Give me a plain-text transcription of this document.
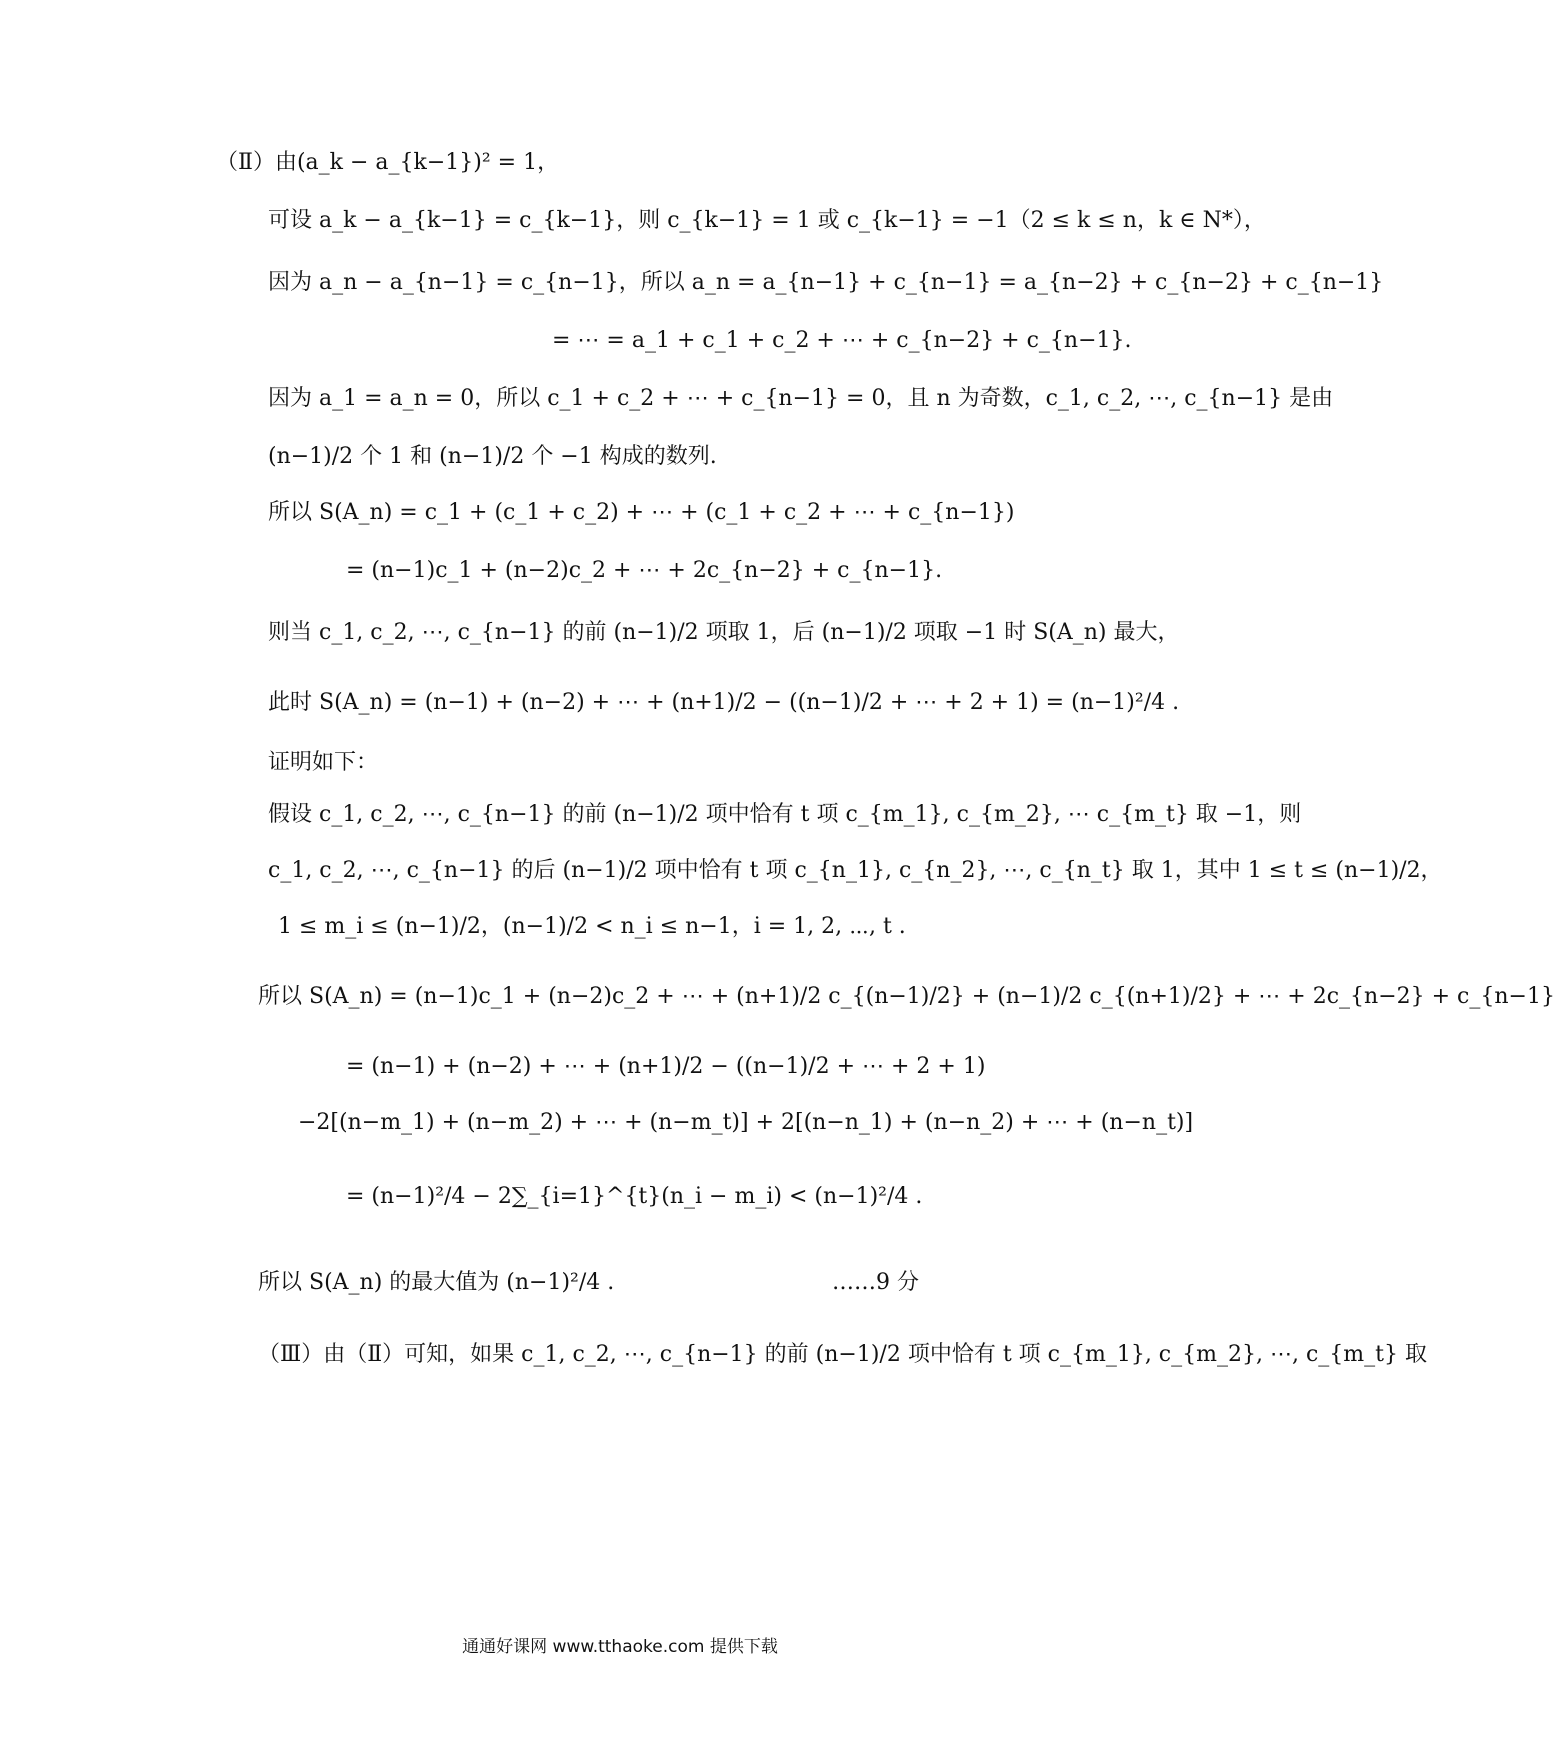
（Ⅱ）由(a_k − a_{k−1})² = 1，
可设 a_k − a_{k−1} = c_{k−1}，则 c_{k−1} = 1 或 c_{k−1} = −1（2 ≤ k ≤ n，k ∈ N*），
因为 a_n − a_{n−1} = c_{n−1}，所以 a_n = a_{n−1} + c_{n−1} = a_{n−2} + c_{n−2} + c_{n−1}
= ⋯ = a_1 + c_1 + c_2 + ⋯ + c_{n−2} + c_{n−1}.
因为 a_1 = a_n = 0，所以 c_1 + c_2 + ⋯ + c_{n−1} = 0，且 n 为奇数，c_1, c_2, ⋯, c_{n−1} 是由
(n−1)/2 个 1 和 (n−1)/2 个 −1 构成的数列.
所以 S(A_n) = c_1 + (c_1 + c_2) + ⋯ + (c_1 + c_2 + ⋯ + c_{n−1})
= (n−1)c_1 + (n−2)c_2 + ⋯ + 2c_{n−2} + c_{n−1}.
则当 c_1, c_2, ⋯, c_{n−1} 的前 (n−1)/2 项取 1，后 (n−1)/2 项取 −1 时 S(A_n) 最大，
此时 S(A_n) = (n−1) + (n−2) + ⋯ + (n+1)/2 − ((n−1)/2 + ⋯ + 2 + 1) = (n−1)²/4 .
证明如下：
假设 c_1, c_2, ⋯, c_{n−1} 的前 (n−1)/2 项中恰有 t 项 c_{m_1}, c_{m_2}, ⋯ c_{m_t} 取 −1，则
c_1, c_2, ⋯, c_{n−1} 的后 (n−1)/2 项中恰有 t 项 c_{n_1}, c_{n_2}, ⋯, c_{n_t} 取 1，其中 1 ≤ t ≤ (n−1)/2，
1 ≤ m_i ≤ (n−1)/2，(n−1)/2 < n_i ≤ n−1，i = 1, 2, ⋯, t .
所以 S(A_n) = (n−1)c_1 + (n−2)c_2 + ⋯ + (n+1)/2 c_{(n−1)/2} + (n−1)/2 c_{(n+1)/2} + ⋯ + 2c_{n−2} + c_{n−1}
= (n−1) + (n−2) + ⋯ + (n+1)/2 − ((n−1)/2 + ⋯ + 2 + 1)
−2[(n−m_1) + (n−m_2) + ⋯ + (n−m_t)] + 2[(n−n_1) + (n−n_2) + ⋯ + (n−n_t)]
= (n−1)²/4 − 2∑_{i=1}^{t}(n_i − m_i) < (n−1)²/4 .
所以 S(A_n) 的最大值为 (n−1)²/4 .	……9 分
（Ⅲ）由（Ⅱ）可知，如果 c_1, c_2, ⋯, c_{n−1} 的前 (n−1)/2 项中恰有 t 项 c_{m_1}, c_{m_2}, ⋯, c_{m_t} 取
通通好课网 www.tthaoke.com 提供下载
